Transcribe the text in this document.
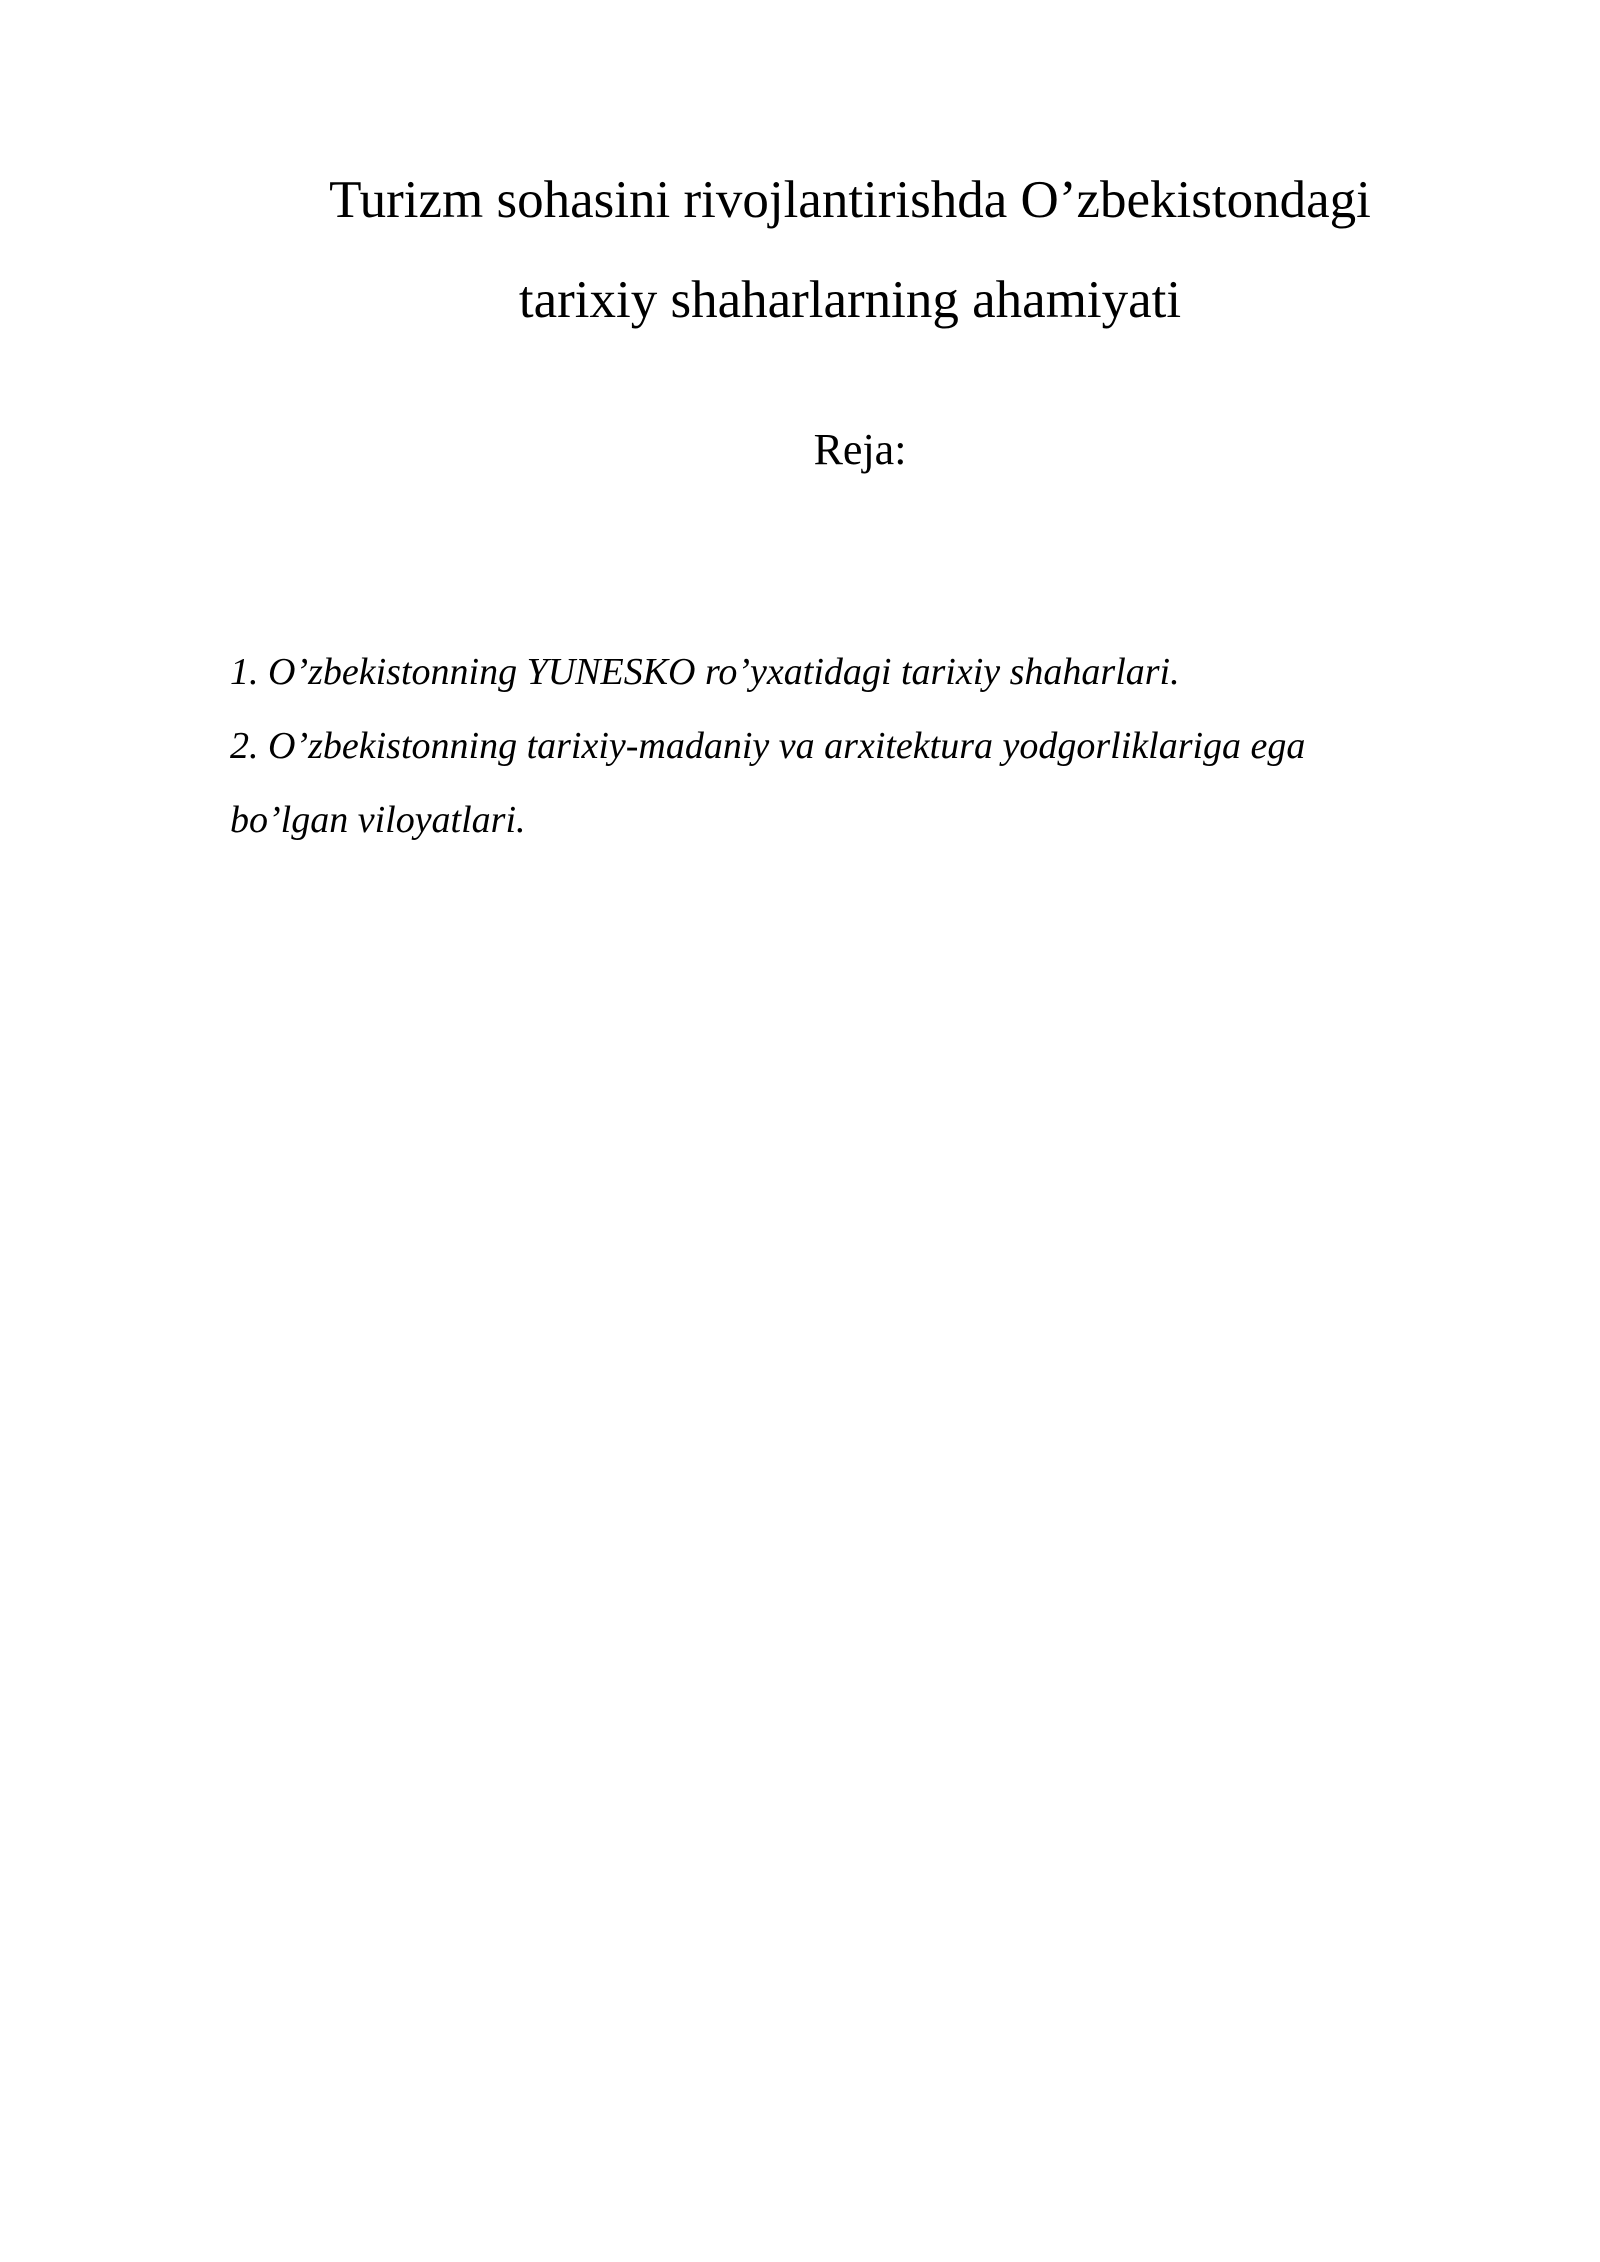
Turizm sohasini rivojlantirishda O’zbekistondagi
tarixiy shaharlarning ahamiyati
Reja:
1. O’zbekistonning YUNESKO ro’yxatidagi tarixiy shaharlari.
2. O’zbekistonning tarixiy-madaniy va arxitektura yodgorliklariga ega
bo’lgan viloyatlari.
